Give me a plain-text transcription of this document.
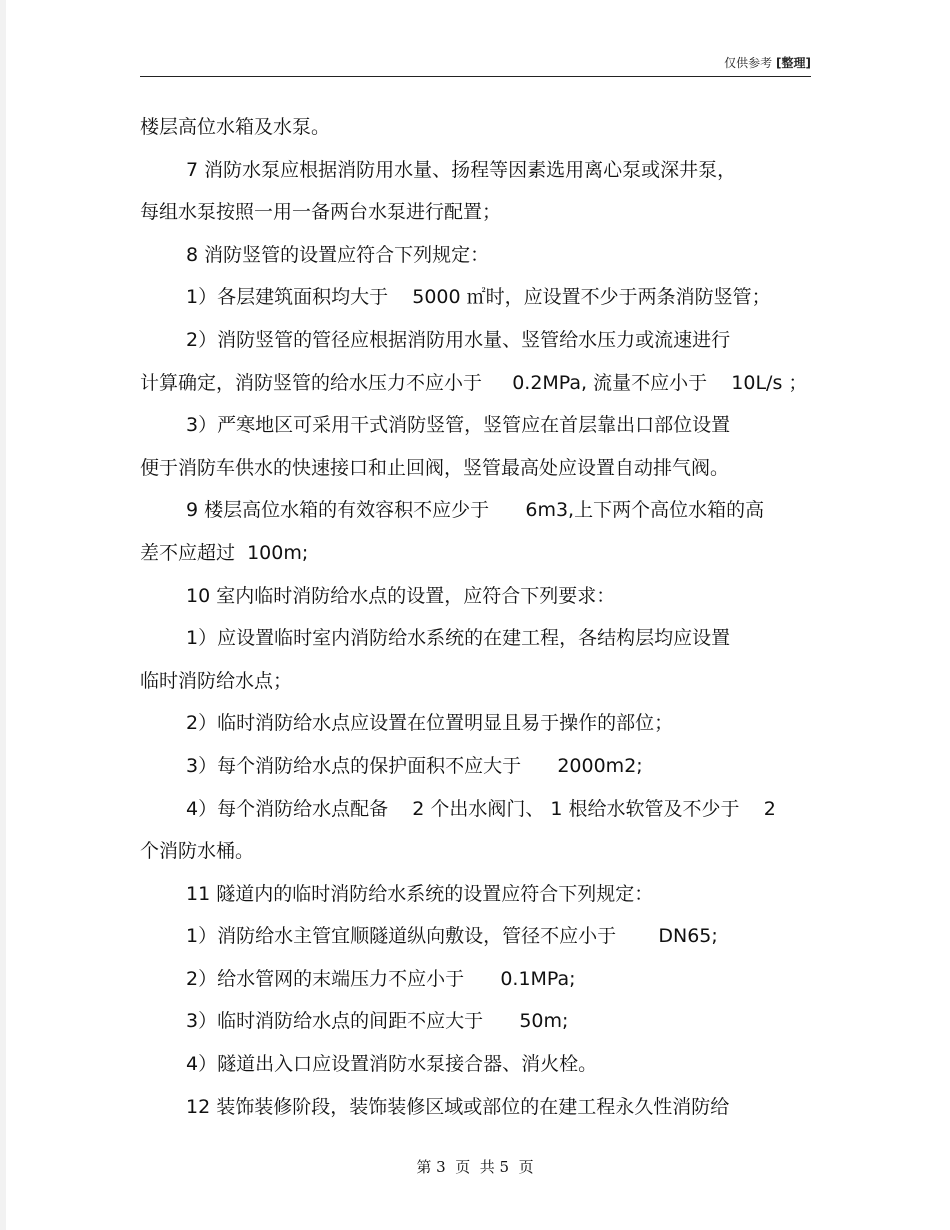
仅供参考 [整理]
楼层高位水箱及水泵。
7 消防水泵应根据消防用水量、扬程等因素选用离心泵或深井泵，
每组水泵按照一用一备两台水泵进行配置；
8 消防竖管的设置应符合下列规定：
1）各层建筑面积均大于    5000 ㎡时，应设置不少于两条消防竖管；
2）消防竖管的管径应根据消防用水量、竖管给水压力或流速进行
计算确定，消防竖管的给水压力不应小于     0.2MPa, 流量不应小于    10L/s ；
3）严寒地区可采用干式消防竖管，竖管应在首层靠出口部位设置
便于消防车供水的快速接口和止回阀，竖管最高处应设置自动排气阀。
9 楼层高位水箱的有效容积不应少于      6m3,上下两个高位水箱的高
差不应超过  100m;
10 室内临时消防给水点的设置，应符合下列要求：
1）应设置临时室内消防给水系统的在建工程，各结构层均应设置
临时消防给水点；
2）临时消防给水点应设置在位置明显且易于操作的部位；
3）每个消防给水点的保护面积不应大于      2000m2;
4）每个消防给水点配备    2 个出水阀门、 1 根给水软管及不少于    2
个消防水桶。
11 隧道内的临时消防给水系统的设置应符合下列规定：
1）消防给水主管宜顺隧道纵向敷设，管径不应小于       DN65;
2）给水管网的末端压力不应小于      0.1MPa;
3）临时消防给水点的间距不应大于      50m;
4）隧道出入口应设置消防水泵接合器、消火栓。
12 装饰装修阶段，装饰装修区域或部位的在建工程永久性消防给
第 3  页  共 5  页
